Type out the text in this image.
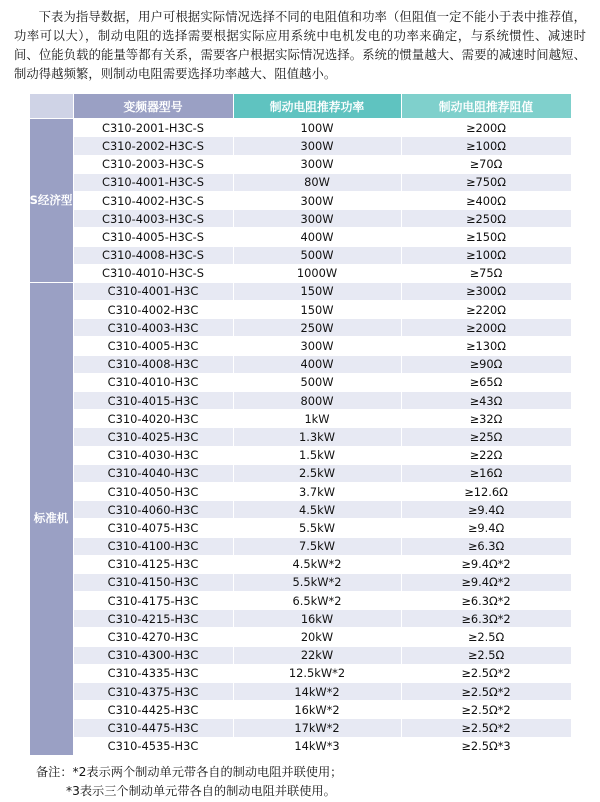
下表为指导数据，用户可根据实际情况选择不同的电阻值和功率（但阻值一定不能小于表中推荐值，功率可以大），制动电阻的选择需要根据实际应用系统中电机发电的功率来确定，与系统惯性、减速时间、位能负载的能量等都有关系，需要客户根据实际情况选择。系统的惯量越大、需要的减速时间越短、制动得越频繁，则制动电阻需要选择功率越大、阻值越小。

	变频器型号	制动电阻推荐功率	制动电阻推荐阻值
S经济型	C310-2001-H3C-S	100W	≥200Ω
	C310-2002-H3C-S	300W	≥100Ω
	C310-2003-H3C-S	300W	≥70Ω
	C310-4001-H3C-S	80W	≥750Ω
	C310-4002-H3C-S	300W	≥400Ω
	C310-4003-H3C-S	300W	≥250Ω
	C310-4005-H3C-S	400W	≥150Ω
	C310-4008-H3C-S	500W	≥100Ω
	C310-4010-H3C-S	1000W	≥75Ω
标准机	C310-4001-H3C	150W	≥300Ω
	C310-4002-H3C	150W	≥220Ω
	C310-4003-H3C	250W	≥200Ω
	C310-4005-H3C	300W	≥130Ω
	C310-4008-H3C	400W	≥90Ω
	C310-4010-H3C	500W	≥65Ω
	C310-4015-H3C	800W	≥43Ω
	C310-4020-H3C	1kW	≥32Ω
	C310-4025-H3C	1.3kW	≥25Ω
	C310-4030-H3C	1.5kW	≥22Ω
	C310-4040-H3C	2.5kW	≥16Ω
	C310-4050-H3C	3.7kW	≥12.6Ω
	C310-4060-H3C	4.5kW	≥9.4Ω
	C310-4075-H3C	5.5kW	≥9.4Ω
	C310-4100-H3C	7.5kW	≥6.3Ω
	C310-4125-H3C	4.5kW*2	≥9.4Ω*2
	C310-4150-H3C	5.5kW*2	≥9.4Ω*2
	C310-4175-H3C	6.5kW*2	≥6.3Ω*2
	C310-4215-H3C	16kW	≥6.3Ω*2
	C310-4270-H3C	20kW	≥2.5Ω
	C310-4300-H3C	22kW	≥2.5Ω
	C310-4335-H3C	12.5kW*2	≥2.5Ω*2
	C310-4375-H3C	14kW*2	≥2.5Ω*2
	C310-4425-H3C	16kW*2	≥2.5Ω*2
	C310-4475-H3C	17kW*2	≥2.5Ω*2
	C310-4535-H3C	14kW*3	≥2.5Ω*3
备注：*2表示两个制动单元带各自的制动电阻并联使用；
*3表示三个制动单元带各自的制动电阻并联使用。
